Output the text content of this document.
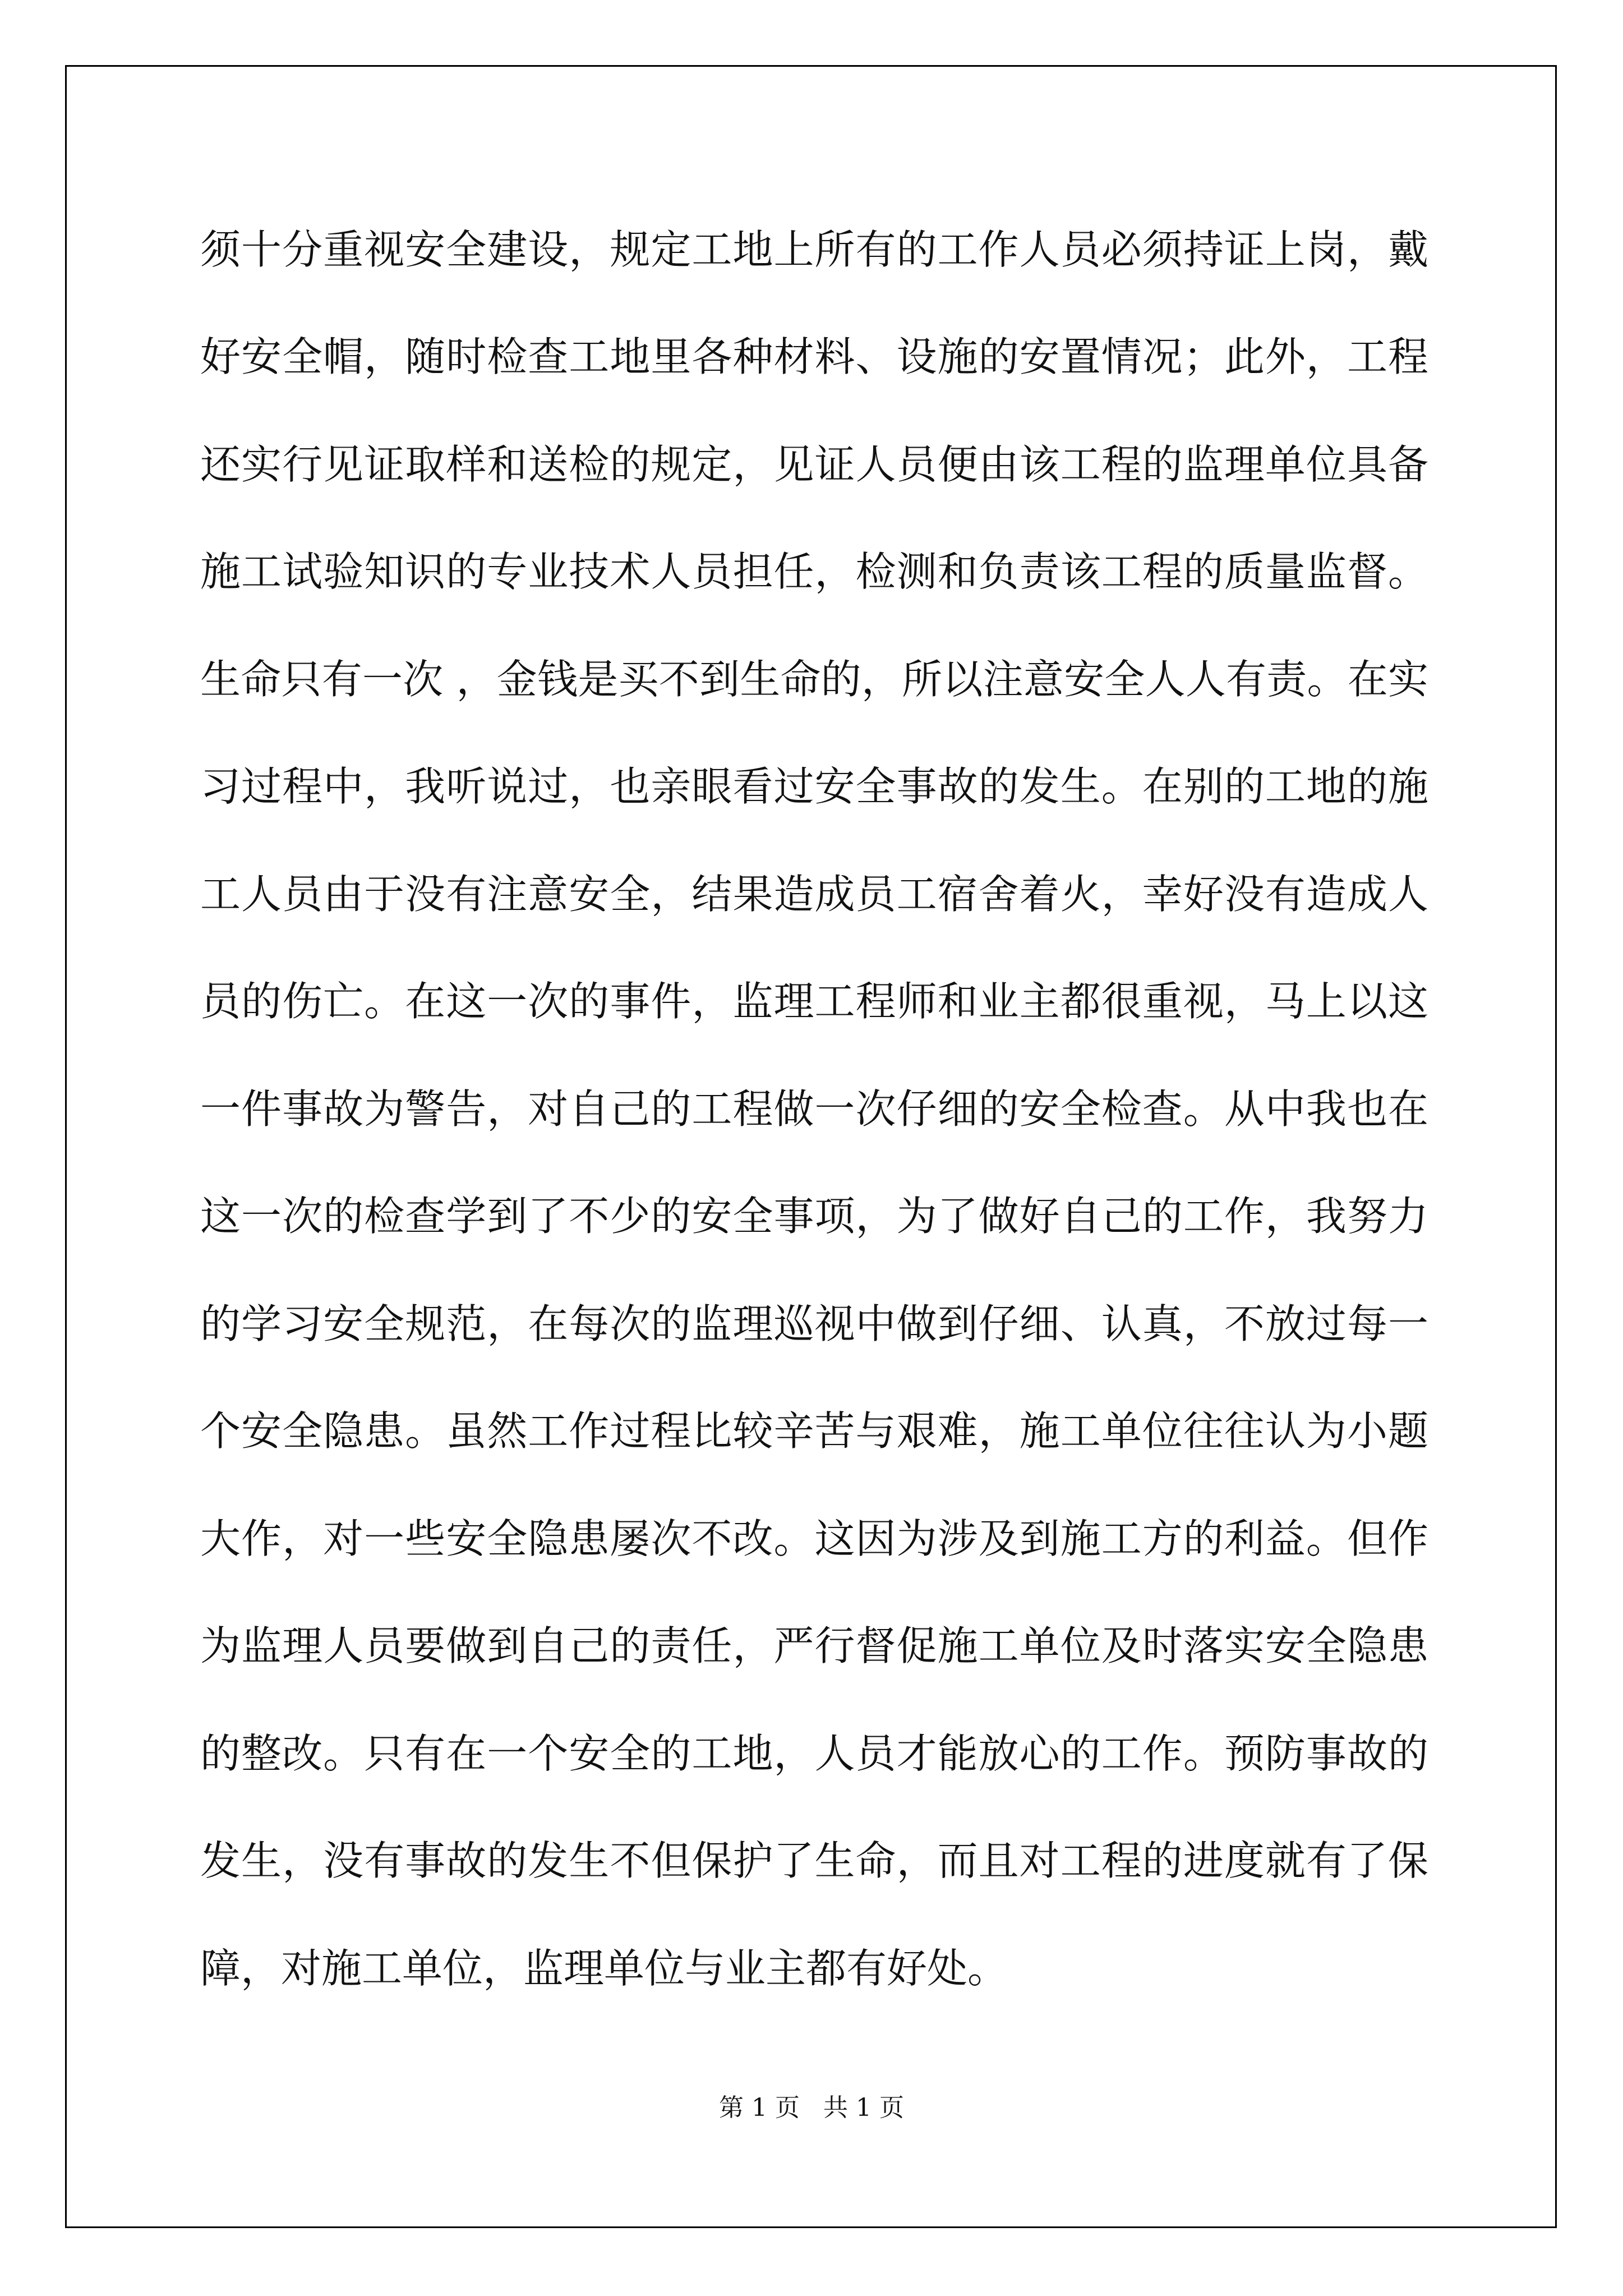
须十分重视安全建设，规定工地上所有的工作人员必须持证上岗，戴
好安全帽，随时检查工地里各种材料、设施的安置情况；此外，工程
还实行见证取样和送检的规定，见证人员便由该工程的监理单位具备
施工试验知识的专业技术人员担任，检测和负责该工程的质量监督。
生命只有一次 ，金钱是买不到生命的，所以注意安全人人有责。在实
习过程中，我听说过，也亲眼看过安全事故的发生。在别的工地的施
工人员由于没有注意安全，结果造成员工宿舍着火，幸好没有造成人
员的伤亡。在这一次的事件，监理工程师和业主都很重视，马上以这
一件事故为警告，对自己的工程做一次仔细的安全检查。从中我也在
这一次的检查学到了不少的安全事项，为了做好自己的工作，我努力
的学习安全规范，在每次的监理巡视中做到仔细、认真，不放过每一
个安全隐患。虽然工作过程比较辛苦与艰难，施工单位往往认为小题
大作，对一些安全隐患屡次不改。这因为涉及到施工方的利益。但作
为监理人员要做到自己的责任，严行督促施工单位及时落实安全隐患
的整改。只有在一个安全的工地，人员才能放心的工作。预防事故的
发生，没有事故的发生不但保护了生命，而且对工程的进度就有了保
障，对施工单位，监理单位与业主都有好处。
第 1 页   共 1 页
